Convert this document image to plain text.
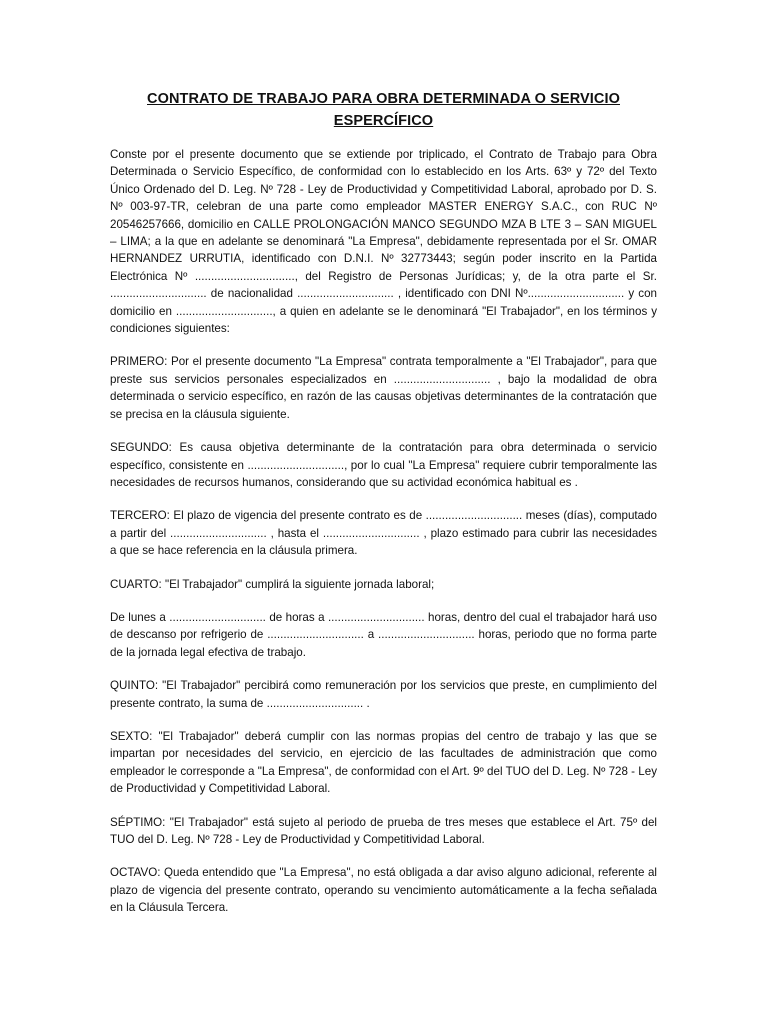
CONTRATO DE TRABAJO PARA OBRA DETERMINADA O SERVICIO ESPERCÍFICO

Conste por el presente documento que se extiende por triplicado, el Contrato de Trabajo para Obra Determinada o Servicio Específico, de conformidad con lo establecido en los Arts. 63º y 72º del Texto Único Ordenado del D. Leg. Nº 728 - Ley de Productividad y Competitividad Laboral, aprobado por D. S. Nº 003-97-TR, celebran de una parte como empleador MASTER ENERGY S.A.C., con RUC Nº 20546257666, domicilio en CALLE PROLONGACIÓN MANCO SEGUNDO MZA B LTE 3 – SAN MIGUEL – LIMA; a la que en adelante se denominará "La Empresa", debidamente representada por el Sr. OMAR HERNANDEZ URRUTIA, identificado con D.N.I. Nº 32773443; según poder inscrito en la Partida Electrónica Nº ..............................., del Registro de Personas Jurídicas; y, de la otra parte el Sr. .............................. de nacionalidad .............................. , identificado con DNI Nº.............................. y con domicilio en .............................., a quien en adelante se le denominará "El Trabajador", en los términos y condiciones siguientes:

PRIMERO: Por el presente documento "La Empresa" contrata temporalmente a "El Trabajador", para que preste sus servicios personales especializados en .............................. , bajo la modalidad de obra determinada o servicio específico, en razón de las causas objetivas determinantes de la contratación que se precisa en la cláusula siguiente.

SEGUNDO: Es causa objetiva determinante de la contratación para obra determinada o servicio específico, consistente en .............................., por lo cual "La Empresa" requiere cubrir temporalmente las necesidades de recursos humanos, considerando que su actividad económica habitual es .

TERCERO: El plazo de vigencia del presente contrato es de .............................. meses (días), computado a partir del .............................. , hasta el .............................. , plazo estimado para cubrir las necesidades a que se hace referencia en la cláusula primera.

CUARTO: "El Trabajador" cumplirá la siguiente jornada laboral;

De lunes a .............................. de horas a .............................. horas, dentro del cual el trabajador hará uso de descanso por refrigerio de .............................. a .............................. horas, periodo que no forma parte de la jornada legal efectiva de trabajo.

QUINTO: "El Trabajador" percibirá como remuneración por los servicios que preste, en cumplimiento del presente contrato, la suma de .............................. .

SEXTO: "El Trabajador" deberá cumplir con las normas propias del centro de trabajo y las que se impartan por necesidades del servicio, en ejercicio de las facultades de administración que como empleador le corresponde a "La Empresa", de conformidad con el Art. 9º del TUO del D. Leg. Nº 728 - Ley de Productividad y Competitividad Laboral.

SÉPTIMO: "El Trabajador" está sujeto al periodo de prueba de tres meses que establece el Art. 75º del TUO del D. Leg. Nº 728 - Ley de Productividad y Competitividad Laboral.

OCTAVO: Queda entendido que "La Empresa", no está obligada a dar aviso alguno adicional, referente al plazo de vigencia del presente contrato, operando su vencimiento automáticamente a la fecha señalada en la Cláusula Tercera.
